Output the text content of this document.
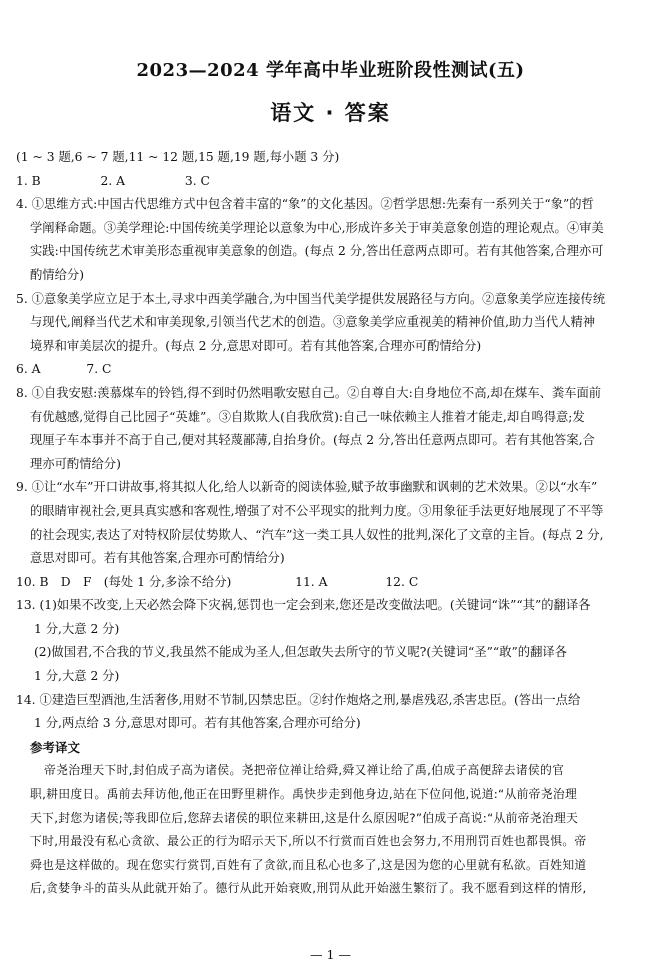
2023—2024 学年高中毕业班阶段性测试(五)
语文 · 答案
(1 ~ 3 题,6 ~ 7 题,11 ~ 12 题,15 题,19 题,每小题 3 分)
1. B	2. A	3. C
4. ①思维方式:中国古代思维方式中包含着丰富的“象”的文化基因。②哲学思想:先秦有一系列关于“象”的哲
学阐释命题。③美学理论:中国传统美学理论以意象为中心,形成许多关于审美意象创造的理论观点。④审美
实践:中国传统艺术审美形态重视审美意象的创造。(每点 2 分,答出任意两点即可。若有其他答案,合理亦可
酌情给分)
5. ①意象美学应立足于本土,寻求中西美学融合,为中国当代美学提供发展路径与方向。②意象美学应连接传统
与现代,阐释当代艺术和审美现象,引领当代艺术的创造。③意象美学应重视美的精神价值,助力当代人精神
境界和审美层次的提升。(每点 2 分,意思对即可。若有其他答案,合理亦可酌情给分)
6. A	7. C
8. ①自我安慰:羡慕煤车的铃铛,得不到时仍然唱歌安慰自己。②自尊自大:自身地位不高,却在煤车、粪车面前
有优越感,觉得自己比园子“英雄”。③自欺欺人(自我欣赏):自己一味依赖主人推着才能走,却自鸣得意;发
现厘子车本事并不高于自己,便对其轻蔑鄙薄,自抬身价。(每点 2 分,答出任意两点即可。若有其他答案,合
理亦可酌情给分)
9. ①让“水车”开口讲故事,将其拟人化,给人以新奇的阅读体验,赋予故事幽默和讽刺的艺术效果。②以“水车”
的眼睛审视社会,更具真实感和客观性,增强了对不公平现实的批判力度。③用象征手法更好地展现了不平等
的社会现实,表达了对特权阶层仗势欺人、“汽车”这一类工具人奴性的批判,深化了文章的主旨。(每点 2 分,
意思对即可。若有其他答案,合理亦可酌情给分)
10. B　D　F　(每处 1 分,多涂不给分)	11. A	12. C
13. (1)如果不改变,上天必然会降下灾祸,惩罚也一定会到来,您还是改变做法吧。(关键词“诛”“其”的翻译各
1 分,大意 2 分)
(2)做国君,不合我的节义,我虽然不能成为圣人,但怎敢失去所守的节义呢?(关键词“圣”“敢”的翻译各
1 分,大意 2 分)
14. ①建造巨型酒池,生活奢侈,用财不节制,囚禁忠臣。②纣作炮烙之刑,暴虐残忍,杀害忠臣。(答出一点给
1 分,两点给 3 分,意思对即可。若有其他答案,合理亦可给分)
参考译文
帝尧治理天下时,封伯成子高为诸侯。尧把帝位禅让给舜,舜又禅让给了禹,伯成子高便辞去诸侯的官
职,耕田度日。禹前去拜访他,他正在田野里耕作。禹快步走到他身边,站在下位问他,说道:“从前帝尧治理
天下,封您为诸侯;等我即位后,您辞去诸侯的职位来耕田,这是什么原因呢?”伯成子高说:“从前帝尧治理天
下时,用最没有私心贪欲、最公正的行为昭示天下,所以不行赏而百姓也会努力,不用刑罚百姓也都畏惧。帝
舜也是这样做的。现在您实行赏罚,百姓有了贪欲,而且私心也多了,这是因为您的心里就有私欲。百姓知道
后,贪婪争斗的苗头从此就开始了。德行从此开始衰败,刑罚从此开始滋生繁衍了。我不愿看到这样的情形,
— 1 —
